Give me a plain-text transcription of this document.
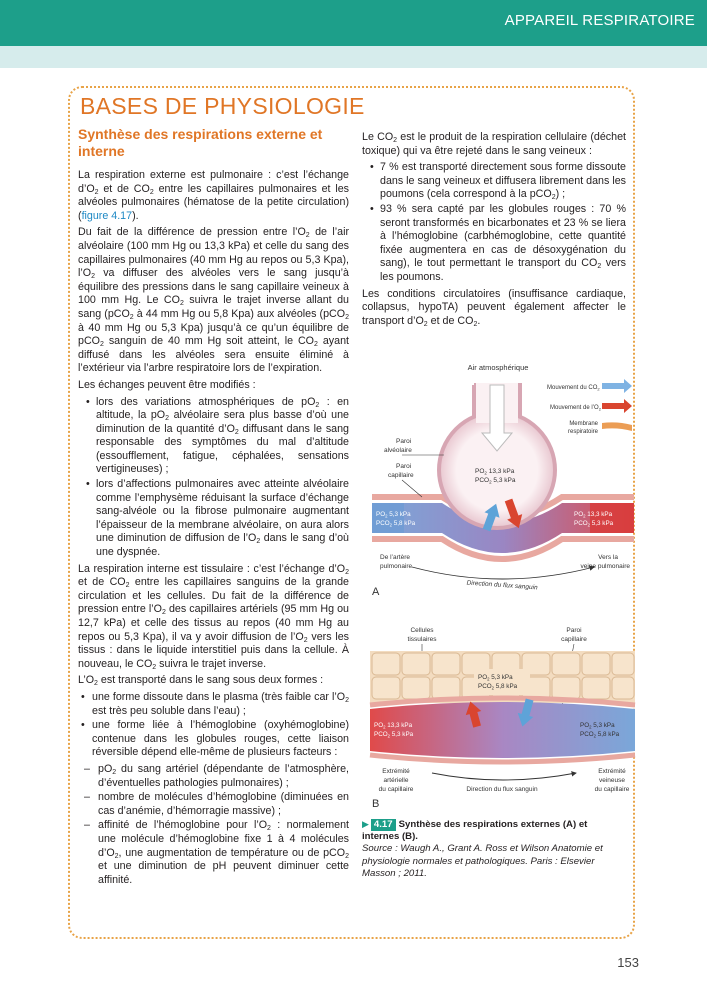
APPAREIL RESPIRATOIRE
BASES DE PHYSIOLOGIE
Synthèse des respirations externe et interne

La respiration externe est pulmonaire : c’est l’échange $d’O_2$ et de $CO_2$ entre les capillaires pulmonaires et les alvéoles pulmonaires (hématose de la petite circulation) (figure 4.17).

Du fait de la différence de pression entre $l’O_2$ de l’air alvéolaire (100 mm Hg ou 13,3 kPa) et celle du sang des capillaires pulmonaires (40 mm Hg au repos ou 5,3 Kpa), $l’O_2$ va diffuser des alvéoles vers le sang jusqu’à équilibre des pressions dans le sang capillaire veineux à 100 mm Hg. Le $CO_2$ suivra le trajet inverse allant du sang (pCO$_2$ à 44 mm Hg ou 5,8 Kpa) aux alvéoles (pCO$_2$ à 40 mm Hg ou 5,3 Kpa) jusqu’à ce qu’un équilibre de pCO$_2$ sanguin de 40 mm Hg soit atteint, le $CO_2$ ayant diffusé dans les alvéoles sera ensuite éliminé à l’extérieur via l’arbre respiratoire lors de l’expiration.

Les échanges peuvent être modifiés :

• lors des variations atmosphériques de $pO_2$ : en altitude, la $pO_2$ alvéolaire sera plus basse d’où une diminution de la quantité $d’O_2$ diffusant dans le sang responsable des symptômes du mal d’altitude (essoufflement, fatigue, céphalées, sensations vertigineuses) ;
• lors d’affections pulmonaires avec atteinte alvéolaire comme l’emphysème réduisant la surface d’échange sang-alvéole ou la fibrose pulmonaire augmentant l’épaisseur de la membrane alvéolaire, on aura alors une diminution de diffusion de $l’O_2$ dans le sang d’où une dyspnée.

La respiration interne est tissulaire : c’est l’échange $d’O_2$ et de $CO_2$ entre les capillaires sanguins de la grande circulation et les cellules. Du fait de la différence de pression entre $l’O_2$ des capillaires artériels (95 mm Hg ou 12,7 kPa) et celle des tissus au repos (40 mm Hg au repos ou 5,3 Kpa), il va y avoir diffusion de $l’O_2$ vers les tissus : dans le liquide interstitiel puis dans la cellule. À nouveau, le $CO_2$ suivra le trajet inverse.

$L’O_2$ est transporté dans le sang sous deux formes :

• une forme dissoute dans le plasma (très faible car $l’O_2$ est très peu soluble dans l’eau) ;
• une forme liée à l’hémoglobine (oxyhémoglobine) contenue dans les globules rouges, cette liaison réversible dépend elle-même de plusieurs facteurs :
– $pO_2$ du sang artériel (dépendante de l’atmosphère, d’éventuelles pathologies pulmonaires) ;
– nombre de molécules d’hémoglobine (diminuées en cas d’anémie, d’hémorragie massive) ;
– affinité de l’hémoglobine pour $l’O_2$ : normalement une molécule d’hémoglobine fixe 1 à 4 molécules $d’O_2$, une augmentation de température ou de pCO$_2$ et une diminution de pH peuvent diminuer cette affinité.

Le $CO_2$ est le produit de la respiration cellulaire (déchet toxique) qui va être rejeté dans le sang veineux :

• 7 % est transporté directement sous forme dissoute dans le sang veineux et diffusera librement dans les poumons (cela correspond à la pCO$_2$) ;
• 93 % sera capté par les globules rouges : 70 % seront transformés en bicarbonates et 23 % se liera à l’hémoglobine (carbhémoglobine, cette quantité fixée augmentera en cas de désoxygénation du sang), le tout permettant le transport du $CO_2$ vers les poumons.

Les conditions circulatoires (insuffisance cardiaque, collapsus, hypoTA) peuvent également affecter le transport $d’O_2$ et de $CO_2$.

Air atmosphérique
$PO_2$ 13,3 kPa
$PCO_2$ 5,3 kPa
Mouvement du $CO_2$
Mouvement de $l’O_2$
Membrane
respiratoire
Paroi
alvéolaire
Paroi
capillaire
$PO_2$ 5,3 kPa
$PCO_2$ 5,8 kPa
$PO_2$ 13,3 kPa
$PCO_2$ 5,3 kPa
De l’artère
pulmonaire
Vers la
veine pulmonaire
Direction du flux sanguin
A
Cellules
tissulaires
Paroi
capillaire
$PO_2$ 5,3 kPa
$PCO_2$ 5,8 kPa
$PO_2$ 13,3 kPa
$PCO_2$ 5,3 kPa
$PO_2$ 5,3 kPa
$PCO_2$ 5,8 kPa
Extrémité
artérielle
du capillaire
Extrémité
veineuse
du capillaire
Direction du flux sanguin
B
▶ 4.17 Synthèse des respirations externes (A) et internes (B).
Source : Waugh A., Grant A. Ross et Wilson Anatomie et physiologie normales et pathologiques. Paris : Elsevier Masson ; 2011.
153
